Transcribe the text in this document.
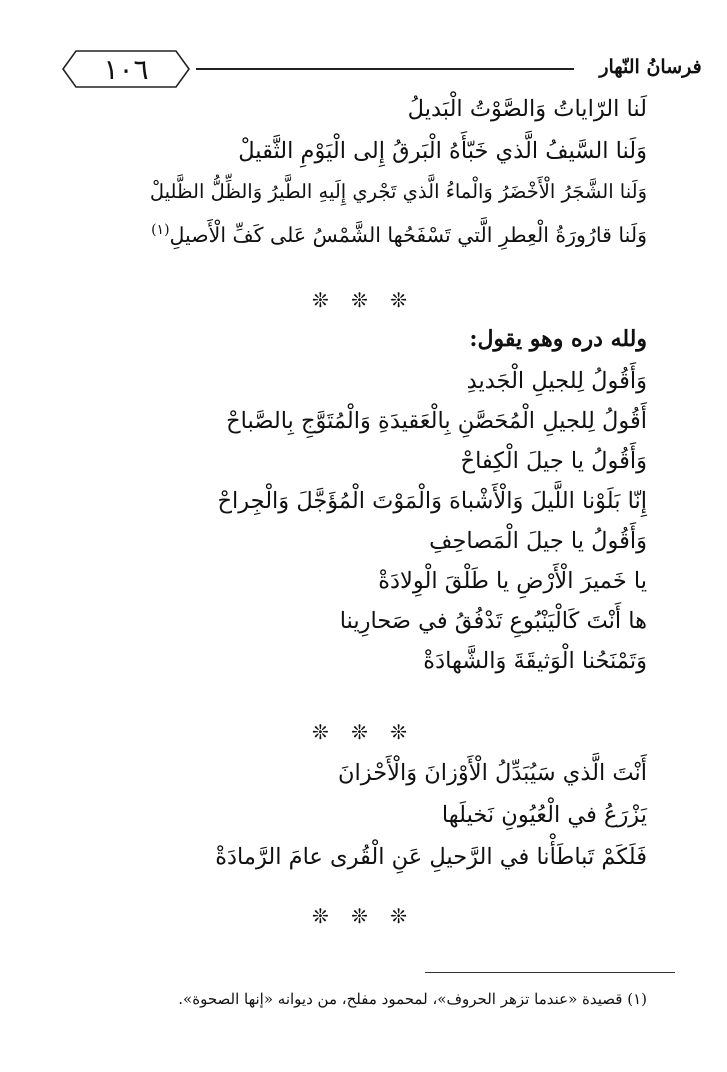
١٠٦	فرسانُ النّهار
لَنا الرّاياتُ وَالصَّوْتُ الْبَديلُ
وَلَنا السَّيفُ الَّذي خَبّأَهُ الْبَرقُ إِلى الْيَوْمِ الثَّقيلْ
وَلَنا الشَّجَرُ الْأَخْضَرُ وَالْماءُ الَّذي تَجْري إِلَيهِ الطَّيرُ وَالظِّلُّ الظَّليلْ
وَلَنا قارُورَةُ الْعِطرِ الَّتي تَسْفَحُها الشَّمْسُ عَلى كَفِّ الْأَصيلِ$^{(١)}$
❊ ❊ ❊
ولله دره وهو يقول:
وَأَقُولُ لِلجيلِ الْجَديدِ
أَقُولُ لِلجيلِ الْمُحَصَّنِ بِالْعَقيدَةِ وَالْمُتَوَّجِ بِالصَّباحْ
وَأَقُولُ يا جيلَ الْكِفاحْ
إِنّا بَلَوْنا اللَّيلَ وَالْأَشْباهَ وَالْمَوْتَ الْمُؤَجَّلَ وَالْجِراحْ
وَأَقُولُ يا جيلَ الْمَصاحِفِ
يا خَميرَ الْأَرْضِ يا طَلْقَ الْوِلادَةْ
ها أَنْتَ كَالْيَنْبُوعِ تَدْفُقُ في صَحارِينا
وَتَمْنَحُنا الْوَثيقَةَ وَالشَّهادَةْ
❊ ❊ ❊
أَنْتَ الَّذي سَيُبَدِّلُ الْأَوْزانَ وَالْأَحْزانَ
يَزْرَعُ في الْعُيُونِ نَخيلَها
فَلَكَمْ تَباطَأْنا في الرَّحيلِ عَنِ الْقُرى عامَ الرَّمادَةْ
❊ ❊ ❊
(١) قصيدة «عندما تزهر الحروف»، لمحمود مفلح، من ديوانه «إنها الصحوة».
